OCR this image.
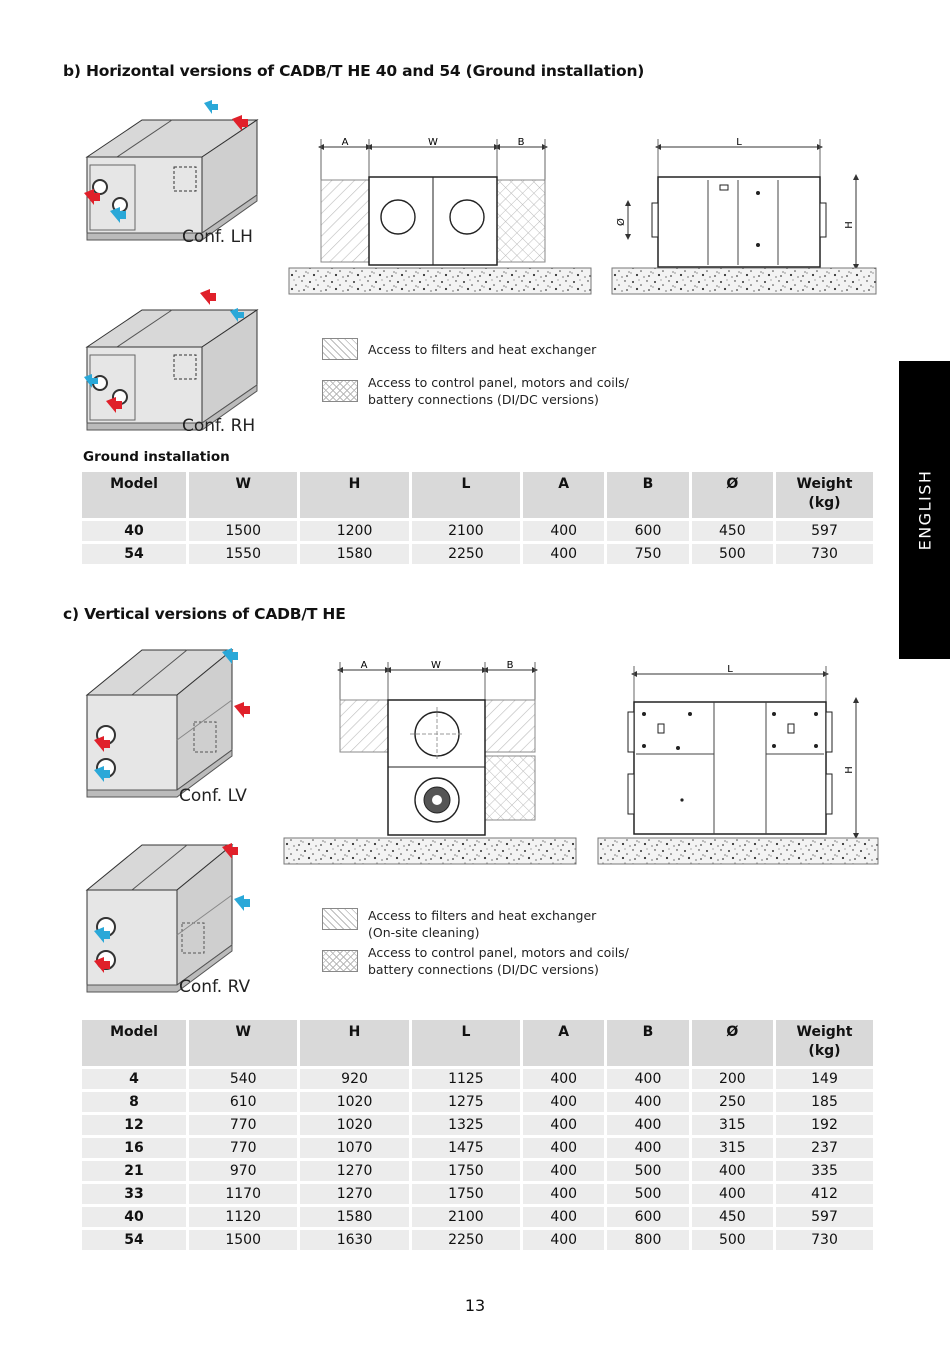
b) Horizontal versions of CADB/T HE 40 and 54 (Ground installation)
Conf. LH
Conf. RH
A	W	B	L
H
Ø
Access to filters and heat exchanger
Access to control panel, motors and coils/
battery connections (DI/DC versions)
Ground installation
Model	W	H	L	A	B	Ø	Weight
(kg)

40	1500	1200	2100	400	600	450	597
54	1550	1580	2250	400	750	500	730
c) Vertical versions of CADB/T HE
Conf. LV
Conf. RV
A	W	B	L
H
Access to filters and heat exchanger
(On-site cleaning)
Access to control panel, motors and coils/
battery connections (DI/DC versions)
Model	W	H	L	A	B	Ø	Weight
(kg)

4	540	920	1125	400	400	200	149
8	610	1020	1275	400	400	250	185
12	770	1020	1325	400	400	315	192
16	770	1070	1475	400	400	315	237
21	970	1270	1750	400	500	400	335
33	1170	1270	1750	400	500	400	412
40	1120	1580	2100	400	600	450	597
54	1500	1630	2250	400	800	500	730
ENGLISH
13
